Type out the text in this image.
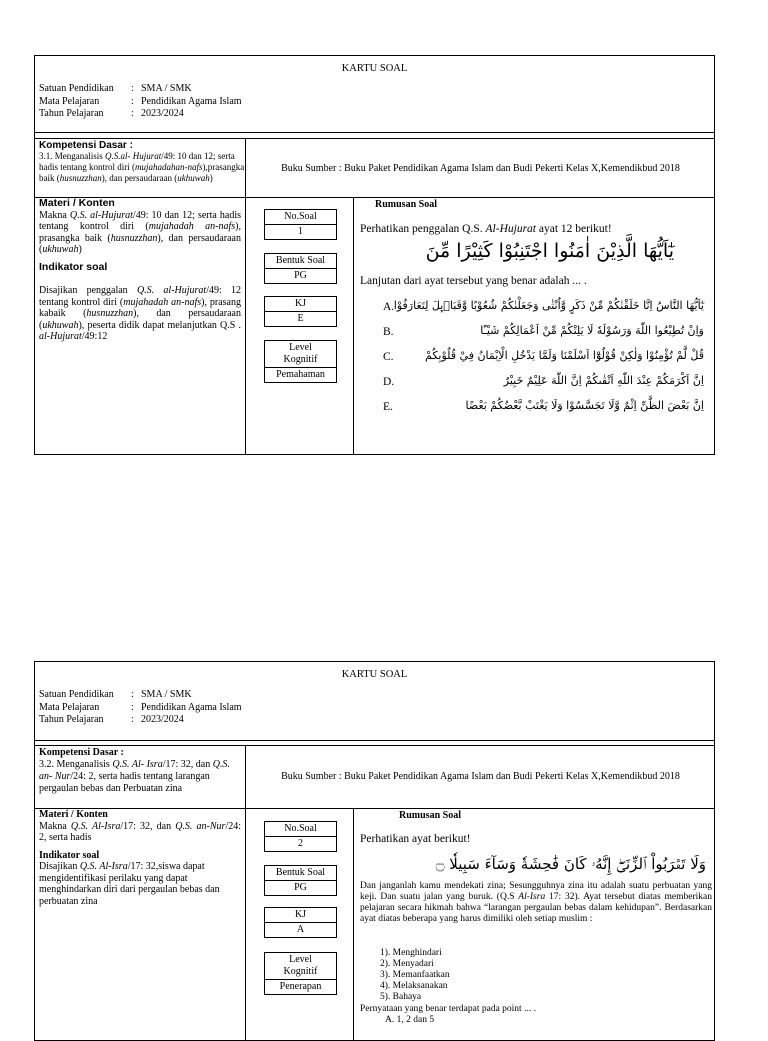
KARTU SOAL
Satuan Pendidikan	: SMA / SMK
Mata Pelajaran	: Pendidikan Agama Islam
Tahun Pelajaran	: 2023/2024
Kompetensi Dasar :
3.1. Menganalisis Q.S.al- Hujurat/49: 10 dan 12; serta hadis tentang kontrol diri (mujahadahan-nafs),prasangka baik (husnuzzhan), dan persaudaraan (ukhuwah)
Buku Sumber : Buku Paket Pendidikan Agama Islam dan Budi Pekerti Kelas X,Kemendikbud 2018
Materi / Konten
Makna Q.S. al-Hujurat/49: 10 dan 12; serta hadis tentang kontrol diri (mujahadah an-nafs), prasangka baik (husnuzzhan), dan persaudaraan (ukhuwah)
Indikator soal
Disajikan penggalan Q.S. al-Hujurat/49: 12 tentang kontrol diri (mujahadah an-nafs), prasang kabaik (husnuzzhan), dan persaudaraan (ukhuwah), peserta didik dapat melanjutkan Q.S . al-Hujurat/49:12
No.Soal
1
Bentuk Soal
PG
KJ
E
Level Kognitif
Pemahaman
Rumusan Soal
Perhatikan penggalan Q.S. Al-Hujurat ayat 12 berikut!
يٰٓاَيُّهَا الَّذِيْنَ اٰمَنُوا اجْتَنِبُوْا كَثِيْرًا مِّنَ
Lanjutan dari ayat tersebut yang benar adalah ... .
A. يٰٓاَيُّهَا النَّاسُ اِنَّا خَلَقْنٰكُمْ مِّنْ ذَكَرٍ وَّاُنْثٰى وَجَعَلْنٰكُمْ شُعُوْبًا وَّقَبَاۤىِٕلَ لِتَعَارَفُوْا
B.	وَاِنْ تُطِيْعُوا اللّٰهَ وَرَسُوْلَهٗ لَا يَلِتْكُمْ مِّنْ اَعْمَالِكُمْ شَيْـًٔا
C.	قُلْ لَّمْ تُؤْمِنُوْا وَلٰكِنْ قُوْلُوْٓا اَسْلَمْنَا وَلَمَّا يَدْخُلِ الْاِيْمَانُ فِيْ قُلُوْبِكُمْ
D.	اِنَّ اَكْرَمَكُمْ عِنْدَ اللّٰهِ اَتْقٰىكُمْ اِنَّ اللّٰهَ عَلِيْمٌ خَبِيْرٌ
E.	اِنَّ بَعْضَ الظَّنِّ اِثْمٌ وَّلَا تَجَسَّسُوْا وَلَا يَغْتَبْ بَّعْضُكُمْ بَعْضًا
KARTU SOAL
Satuan Pendidikan	: SMA / SMK
Mata Pelajaran	: Pendidikan Agama Islam
Tahun Pelajaran	: 2023/2024
Kompetensi Dasar :
3.2. Menganalisis Q.S. Al- Isra/17: 32, dan Q.S. an- Nur/24: 2, serta hadis tentang larangan pergaulan bebas dan Perbuatan zina
Buku Sumber : Buku Paket Pendidikan Agama Islam dan Budi Pekerti Kelas X,Kemendikbud 2018
Materi / Konten
Makna Q.S. Al-Isra/17: 32, dan Q.S. an-Nur/24: 2, serta hadis
Indikator soal
Disajikan Q.S. Al-Isra/17: 32,siswa dapat mengidentifikasi perilaku yang dapat menghindarkan diri dari pergaulan bebas dan perbuatan zina
No.Soal
2
Bentuk Soal
PG
KJ
A
Level Kognitif
Penerapan
Rumusan Soal
Perhatikan ayat berikut!
وَلَا تَقۡرَبُواْ ٱلزِّنَىٰٓۖ إِنَّهُۥ كَانَ فَٰحِشَةٗ وَسَآءَ سَبِيلٗا ۝
Dan janganlah kamu mendekati zina; Sesungguhnya zina itu adalah suatu perbuatan yang keji. Dan suatu jalan yang buruk. (Q.S Al-Isra 17: 32). Ayat tersebut diatas memberikan pelajaran secara hikmah bahwa “larangan pergaulan bebas dalam kehidupan”. Berdasarkan ayat diatas beberapa yang harus dimiliki oleh setiap muslim :
1). Menghindari
2). Menyadari
3). Memanfaatkan
4). Melaksanakan
5). Bahaya
Pernyataan yang benar terdapat pada point ... .
A. 1, 2 dan 5
